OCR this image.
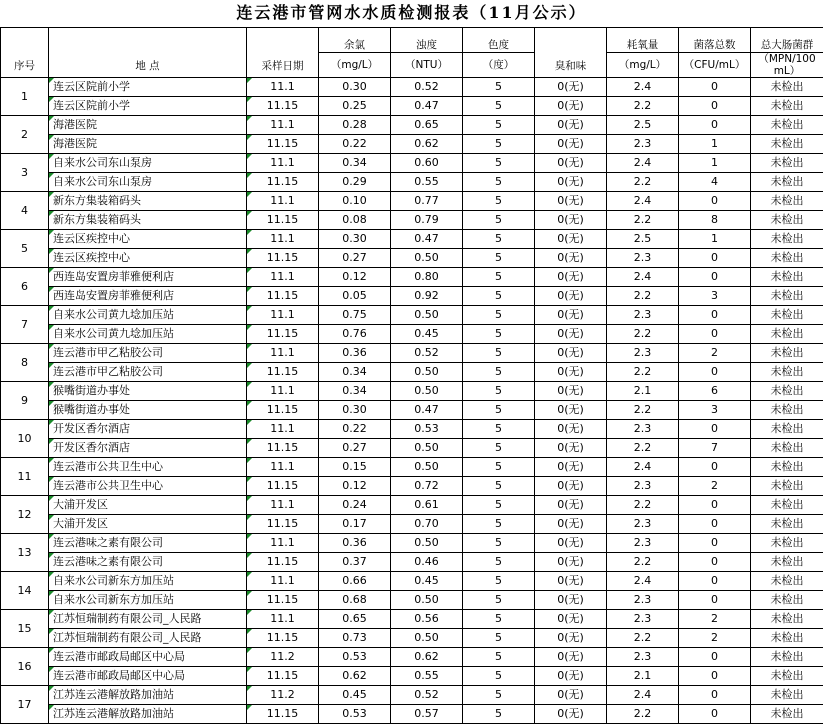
连云港市管网水水质检测报表（11月公示）
序号	地 点	采样日期	余氯	浊度	色度	臭和味	耗氧量	菌落总数	总大肠菌群
			（mg/L）	（NTU）	（度）		（mg/L）	（CFU/mL）	（MPN/100
mL）

1	连云区院前小学	11.1	0.30	0.52	5	0(无)	2.4	0	未检出
	连云区院前小学	11.15	0.25	0.47	5	0(无)	2.2	0	未检出
2	海港医院	11.1	0.28	0.65	5	0(无)	2.5	0	未检出
	海港医院	11.15	0.22	0.62	5	0(无)	2.3	1	未检出
3	自来水公司东山泵房	11.1	0.34	0.60	5	0(无)	2.4	1	未检出
	自来水公司东山泵房	11.15	0.29	0.55	5	0(无)	2.2	4	未检出
4	新东方集装箱码头	11.1	0.10	0.77	5	0(无)	2.4	0	未检出
	新东方集装箱码头	11.15	0.08	0.79	5	0(无)	2.2	8	未检出
5	连云区疾控中心	11.1	0.30	0.47	5	0(无)	2.5	1	未检出
	连云区疾控中心	11.15	0.27	0.50	5	0(无)	2.3	0	未检出
6	西连岛安置房菲雅便利店	11.1	0.12	0.80	5	0(无)	2.4	0	未检出
	西连岛安置房菲雅便利店	11.15	0.05	0.92	5	0(无)	2.2	3	未检出
7	自来水公司黄九埝加压站	11.1	0.75	0.50	5	0(无)	2.3	0	未检出
	自来水公司黄九埝加压站	11.15	0.76	0.45	5	0(无)	2.2	0	未检出
8	连云港市甲乙粘胶公司	11.1	0.36	0.52	5	0(无)	2.3	2	未检出
	连云港市甲乙粘胶公司	11.15	0.34	0.50	5	0(无)	2.2	0	未检出
9	猴嘴街道办事处	11.1	0.34	0.50	5	0(无)	2.1	6	未检出
	猴嘴街道办事处	11.15	0.30	0.47	5	0(无)	2.2	3	未检出
10	开发区香尔酒店	11.1	0.22	0.53	5	0(无)	2.3	0	未检出
	开发区香尔酒店	11.15	0.27	0.50	5	0(无)	2.2	7	未检出
11	连云港市公共卫生中心	11.1	0.15	0.50	5	0(无)	2.4	0	未检出
	连云港市公共卫生中心	11.15	0.12	0.72	5	0(无)	2.3	2	未检出
12	大浦开发区	11.1	0.24	0.61	5	0(无)	2.2	0	未检出
	大浦开发区	11.15	0.17	0.70	5	0(无)	2.3	0	未检出
13	连云港味之素有限公司	11.1	0.36	0.50	5	0(无)	2.3	0	未检出
	连云港味之素有限公司	11.15	0.37	0.46	5	0(无)	2.2	0	未检出
14	自来水公司新东方加压站	11.1	0.66	0.45	5	0(无)	2.4	0	未检出
	自来水公司新东方加压站	11.15	0.68	0.50	5	0(无)	2.3	0	未检出
15	江苏恒瑞制药有限公司_人民路	11.1	0.65	0.56	5	0(无)	2.3	2	未检出
	江苏恒瑞制药有限公司_人民路	11.15	0.73	0.50	5	0(无)	2.2	2	未检出
16	连云港市邮政局邮区中心局	11.2	0.53	0.62	5	0(无)	2.3	0	未检出
	连云港市邮政局邮区中心局	11.15	0.62	0.55	5	0(无)	2.1	0	未检出
17	江苏连云港解放路加油站	11.2	0.45	0.52	5	0(无)	2.4	0	未检出
	江苏连云港解放路加油站	11.15	0.53	0.57	5	0(无)	2.2	0	未检出
